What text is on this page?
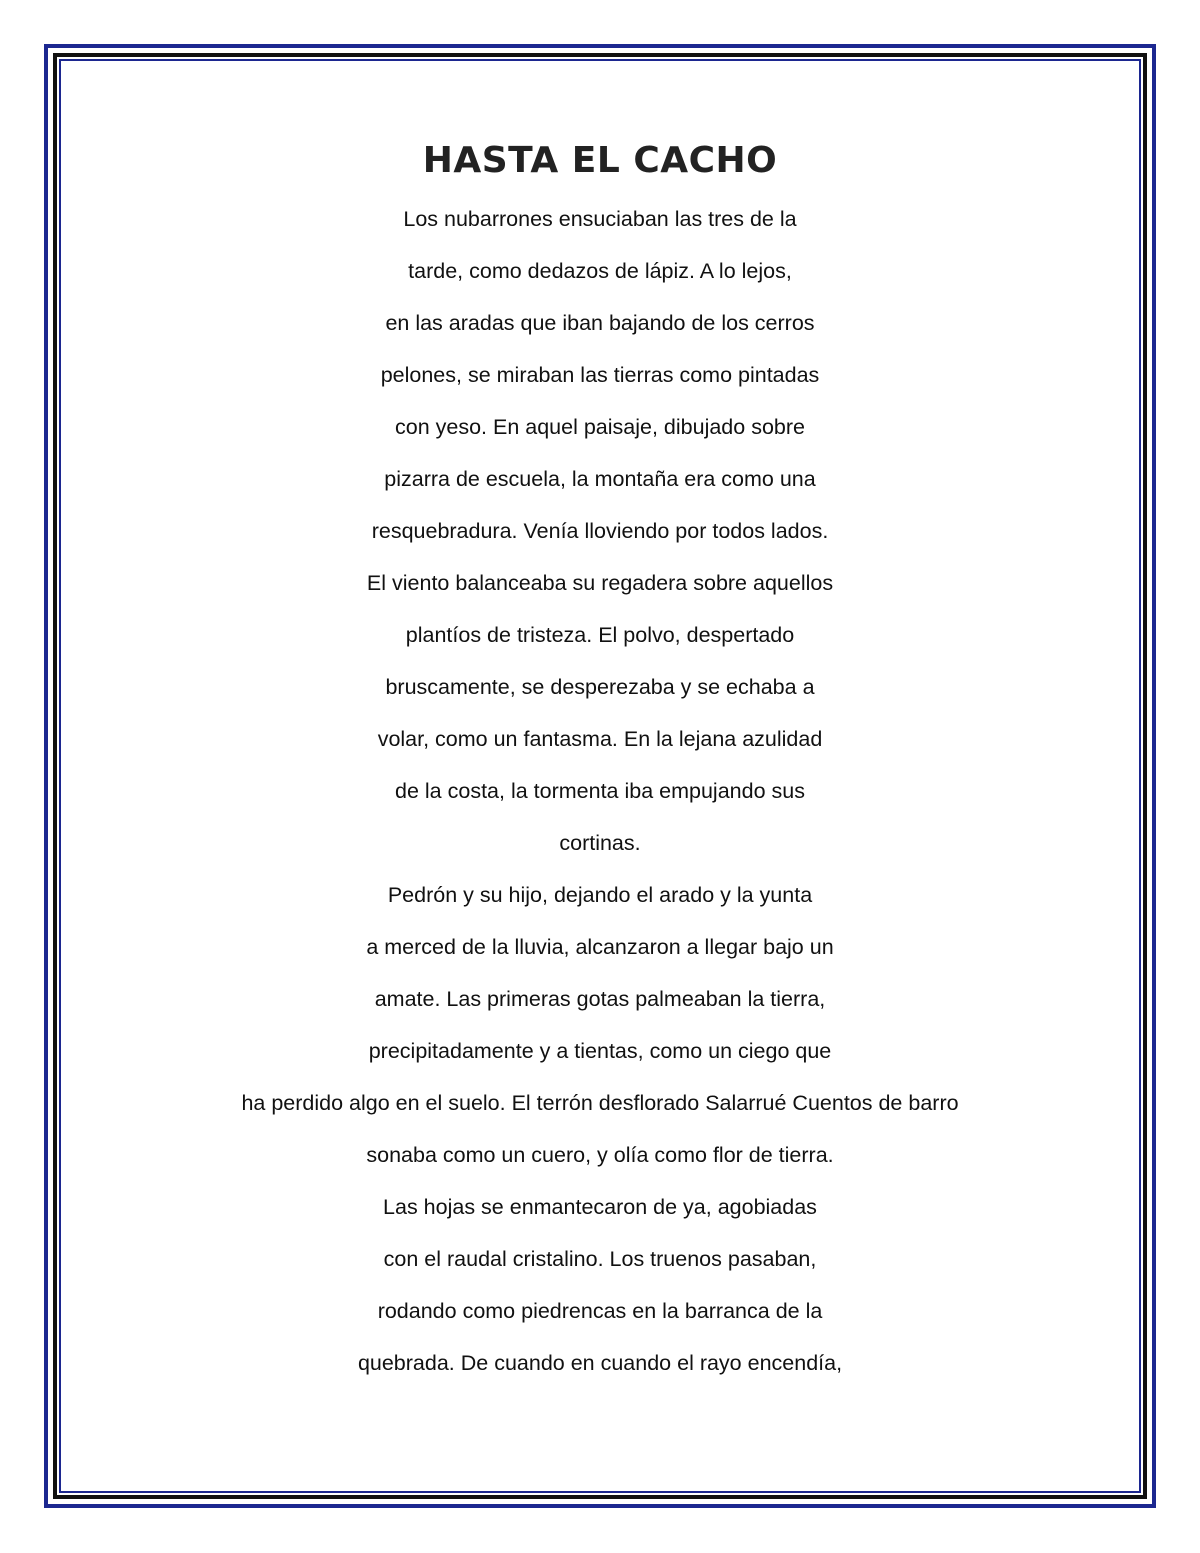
HASTA EL CACHO
Los nubarrones ensuciaban las tres de la
tarde, como dedazos de lápiz. A lo lejos,
en las aradas que iban bajando de los cerros
pelones, se miraban las tierras como pintadas
con yeso. En aquel paisaje, dibujado sobre
pizarra de escuela, la montaña era como una
resquebradura. Venía lloviendo por todos lados.
El viento balanceaba su regadera sobre aquellos
plantíos de tristeza. El polvo, despertado
bruscamente, se desperezaba y se echaba a
volar, como un fantasma. En la lejana azulidad
de la costa, la tormenta iba empujando sus
cortinas.
Pedrón y su hijo, dejando el arado y la yunta
a merced de la lluvia, alcanzaron a llegar bajo un
amate. Las primeras gotas palmeaban la tierra,
precipitadamente y a tientas, como un ciego que
ha perdido algo en el suelo. El terrón desflorado Salarrué Cuentos de barro
sonaba como un cuero, y olía como flor de tierra.
Las hojas se enmantecaron de ya, agobiadas
con el raudal cristalino. Los truenos pasaban,
rodando como piedrencas en la barranca de la
quebrada. De cuando en cuando el rayo encendía,
